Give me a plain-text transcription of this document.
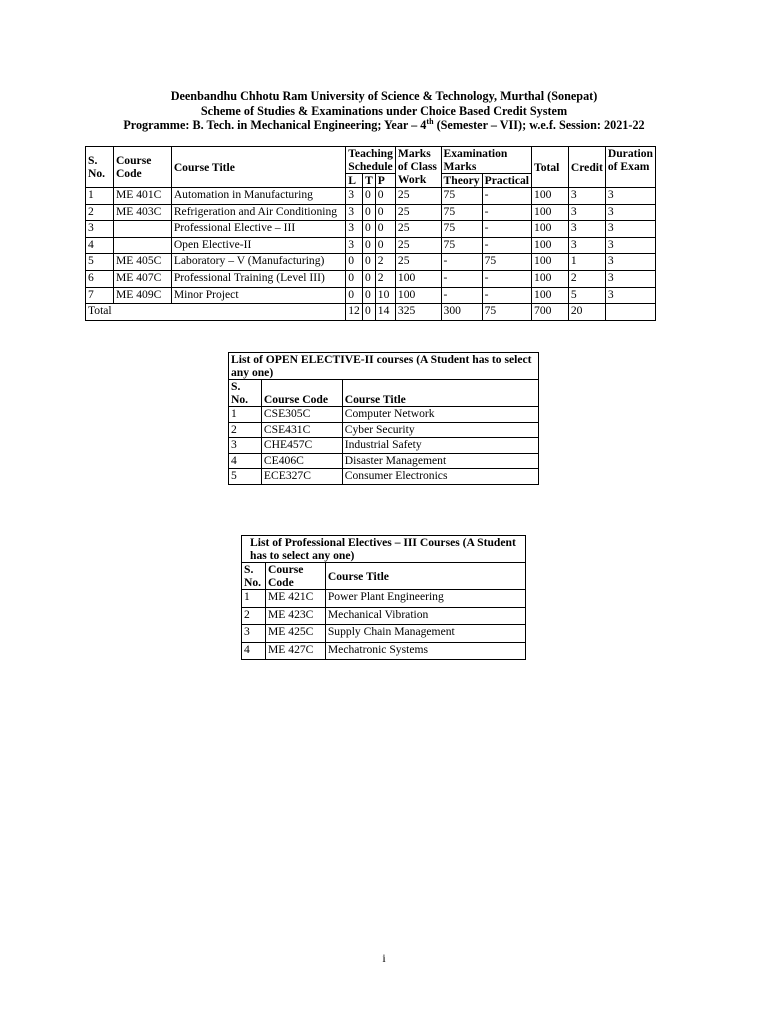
Deenbandhu Chhotu Ram University of Science & Technology, Murthal (Sonepat)
Scheme of Studies & Examinations under Choice Based Credit System
Programme: B. Tech. in Mechanical Engineering; Year – 4th (Semester – VII); w.e.f. Session: 2021-22
S. No.	Course Code	Course Title	Teaching Schedule			Marks of Class Work	Examination Marks		Total	Credit	Duration of Exam
			L	T	P		Theory	Practical			
1	ME 401C	Automation in Manufacturing	3	0	0	25	75	-	100	3	3
2	ME 403C	Refrigeration and Air Conditioning	3	0	0	25	75	-	100	3	3
3		Professional Elective – III	3	0	0	25	75	-	100	3	3
4		Open Elective-II	3	0	0	25	75	-	100	3	3
5	ME 405C	Laboratory – V (Manufacturing)	0	0	2	25	-	75	100	1	3
6	ME 407C	Professional Training (Level III)	0	0	2	100	-	-	100	2	3
7	ME 409C	Minor Project	0	0	10	100	-	-	100	5	3
Total			12	0	14	325	300	75	700	20	
List of OPEN ELECTIVE-II courses (A Student has to select any one)		
S. No.	Course Code	Course Title
1	CSE305C	Computer Network
2	CSE431C	Cyber Security
3	CHE457C	Industrial Safety
4	CE406C	Disaster Management
5	ECE327C	Consumer Electronics
List of Professional Electives – III Courses (A Student has to select any one)		
S. No.	Course Code	Course Title
1	ME 421C	Power Plant Engineering
2	ME 423C	Mechanical Vibration
3	ME 425C	Supply Chain Management
4	ME 427C	Mechatronic Systems
i
